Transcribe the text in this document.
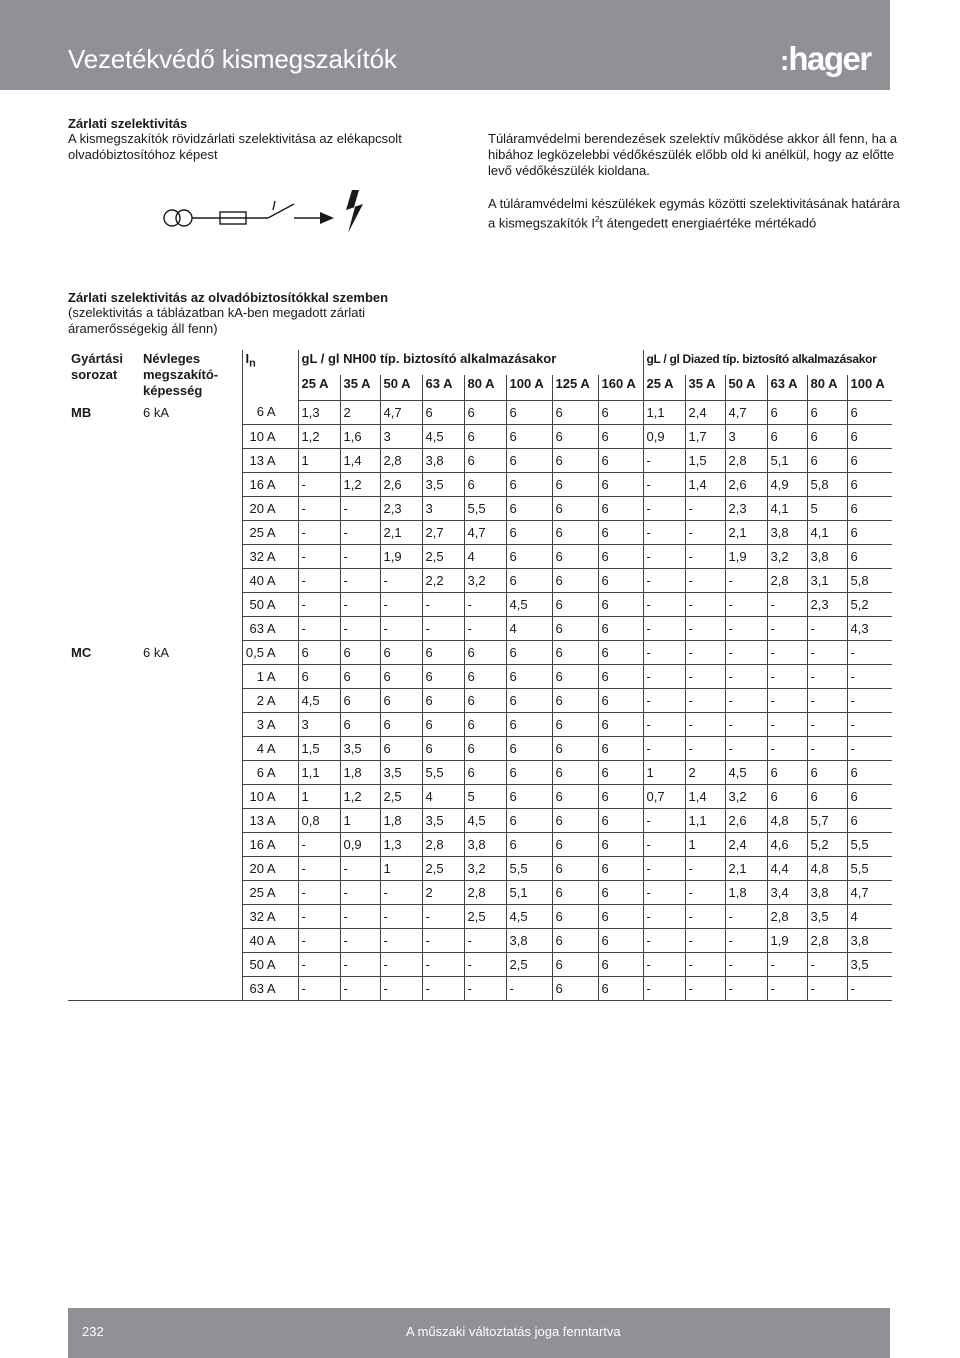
Vezetékvédő kismegszakítók	:hager
Zárlati szelektivitás
A kismegszakítók rövidzárlati szelektivitása az elékapcsolt olvadóbiztosítóhoz képest
Túláramvédelmi berendezések szelektív működése akkor áll fenn, ha a hibához legközelebbi védőkészülék előbb old ki anélkül, hogy az előtte levő védőkészülék kioldana.
A túláramvédelmi készülékek egymás közötti szelektivitásának határára a kismegszakítók $I^2t$ átengedett energiaértéke mértékadó
Zárlati szelektivitás az olvadóbiztosítókkal szemben
(szelektivitás a táblázatban kA-ben megadott zárlati áramerősségekig áll fenn)
Gyártási sorozat	Névleges megszakító-képesség	$I_n$	gL / gl NH00 típ. biztosító alkalmazásakor								gL / gl Diazed típ. biztosító alkalmazásakor					
			25 A	35 A	50 A	63 A	80 A	100 A	125 A	160 A	25 A	35 A	50 A	63 A	80 A	100 A
MB	6 kA	6 A	1,3	2	4,7	6	6	6	6	6	1,1	2,4	4,7	6	6	6
		10 A	1,2	1,6	3	4,5	6	6	6	6	0,9	1,7	3	6	6	6
		13 A	1	1,4	2,8	3,8	6	6	6	6	-	1,5	2,8	5,1	6	6
		16 A	-	1,2	2,6	3,5	6	6	6	6	-	1,4	2,6	4,9	5,8	6
		20 A	-	-	2,3	3	5,5	6	6	6	-	-	2,3	4,1	5	6
		25 A	-	-	2,1	2,7	4,7	6	6	6	-	-	2,1	3,8	4,1	6
		32 A	-	-	1,9	2,5	4	6	6	6	-	-	1,9	3,2	3,8	6
		40 A	-	-	-	2,2	3,2	6	6	6	-	-	-	2,8	3,1	5,8
		50 A	-	-	-	-	-	4,5	6	6	-	-	-	-	2,3	5,2
		63 A	-	-	-	-	-	4	6	6	-	-	-	-	-	4,3
MC	6 kA	0,5 A	6	6	6	6	6	6	6	6	-	-	-	-	-	-
		1 A	6	6	6	6	6	6	6	6	-	-	-	-	-	-
		2 A	4,5	6	6	6	6	6	6	6	-	-	-	-	-	-
		3 A	3	6	6	6	6	6	6	6	-	-	-	-	-	-
		4 A	1,5	3,5	6	6	6	6	6	6	-	-	-	-	-	-
		6 A	1,1	1,8	3,5	5,5	6	6	6	6	1	2	4,5	6	6	6
		10 A	1	1,2	2,5	4	5	6	6	6	0,7	1,4	3,2	6	6	6
		13 A	0,8	1	1,8	3,5	4,5	6	6	6	-	1,1	2,6	4,8	5,7	6
		16 A	-	0,9	1,3	2,8	3,8	6	6	6	-	1	2,4	4,6	5,2	5,5
		20 A	-	-	1	2,5	3,2	5,5	6	6	-	-	2,1	4,4	4,8	5,5
		25 A	-	-	-	2	2,8	5,1	6	6	-	-	1,8	3,4	3,8	4,7
		32 A	-	-	-	-	2,5	4,5	6	6	-	-	-	2,8	3,5	4
		40 A	-	-	-	-	-	3,8	6	6	-	-	-	1,9	2,8	3,8
		50 A	-	-	-	-	-	2,5	6	6	-	-	-	-	-	3,5
		63 A	-	-	-	-	-	-	6	6	-	-	-	-	-	-
232	A műszaki változtatás joga fenntartva
